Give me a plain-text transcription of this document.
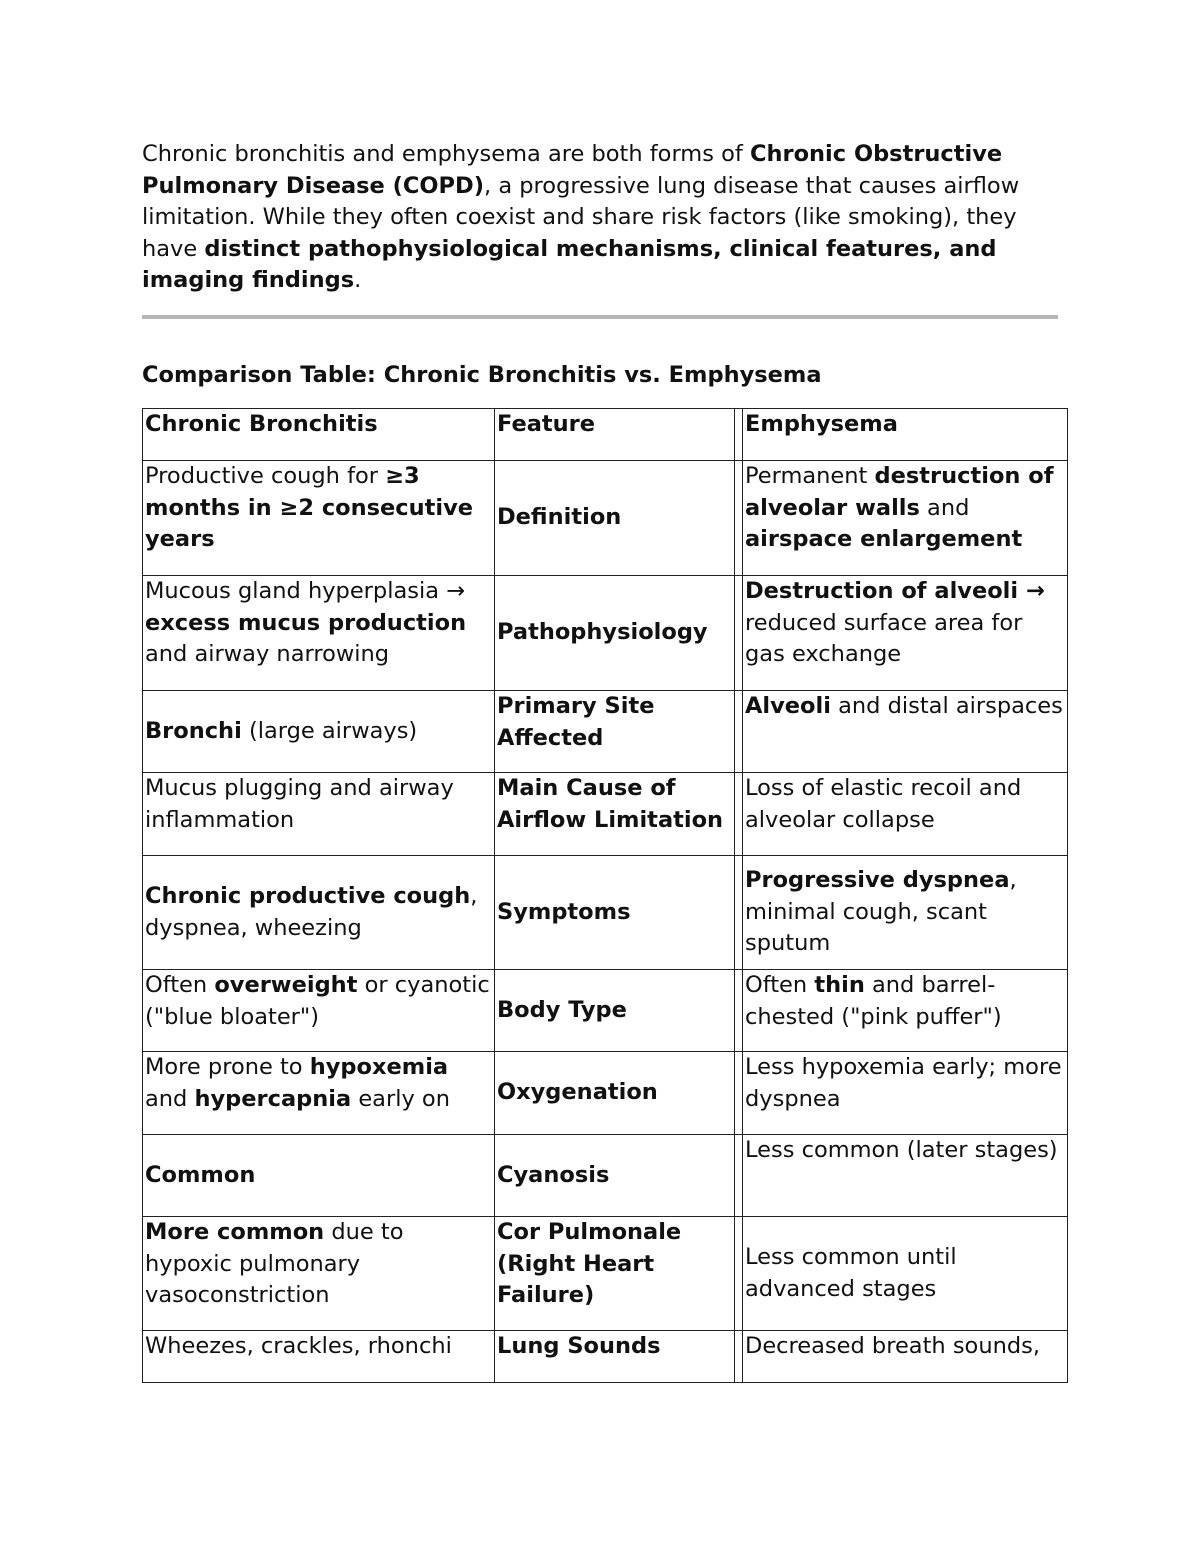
Chronic bronchitis and emphysema are both forms of Chronic Obstructive Pulmonary Disease (COPD), a progressive lung disease that causes airflow limitation. While they often coexist and share risk factors (like smoking), they have distinct pathophysiological mechanisms, clinical features, and imaging findings.

Comparison Table: Chronic Bronchitis vs. Emphysema

Chronic Bronchitis	Feature		Emphysema
Productive cough for ≥3 months in ≥2 consecutive years	Definition		Permanent destruction of alveolar walls and airspace enlargement
Mucous gland hyperplasia → excess mucus production and airway narrowing	Pathophysiology		Destruction of alveoli → reduced surface area for gas exchange
Bronchi (large airways)	Primary Site Affected		Alveoli and distal airspaces
Mucus plugging and airway inflammation	Main Cause of Airflow Limitation		Loss of elastic recoil and alveolar collapse
Chronic productive cough, dyspnea, wheezing	Symptoms		Progressive dyspnea, minimal cough, scant sputum
Often overweight or cyanotic ("blue bloater")	Body Type		Often thin and barrel-chested ("pink puffer")
More prone to hypoxemia and hypercapnia early on	Oxygenation		Less hypoxemia early; more dyspnea
Common	Cyanosis		Less common (later stages)
More common due to hypoxic pulmonary vasoconstriction	Cor Pulmonale (Right Heart Failure)		Less common until advanced stages
Wheezes, crackles, rhonchi	Lung Sounds		Decreased breath sounds,
